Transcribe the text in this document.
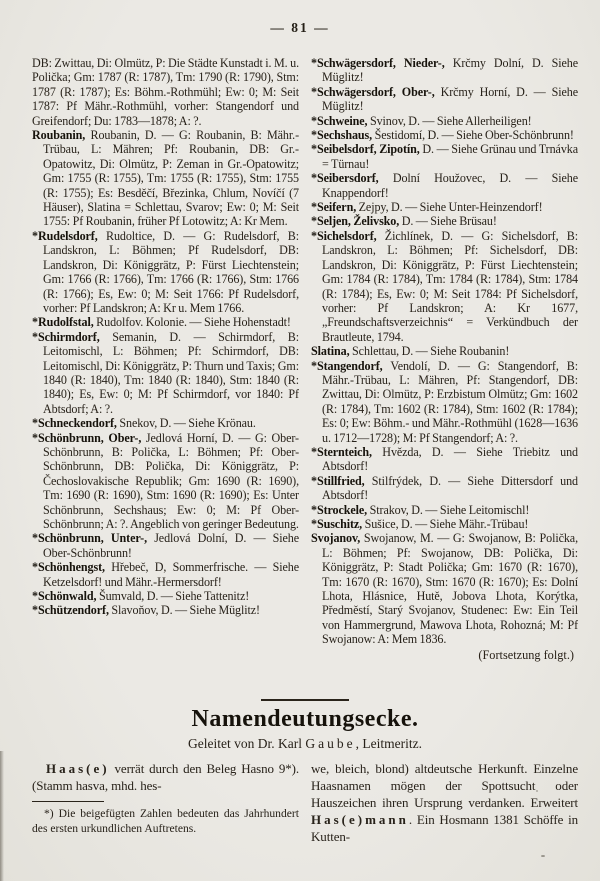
— 81 —

DB: Zwittau, Di: Olmütz, P: Die Städte Kunstadt i. M. u. Polička; Gm: 1787 (R: 1787), Tm: 1790 (R: 1790), Stm: 1787 (R: 1787); Es: Böhm.-Rothmühl; Ew: 0; M: Seit 1787: Pf Mähr.-Rothmühl, vorher: Stangendorf und Greifendorf; Du: 1783—1878; A: ?.

Roubanin, Roubanin, D. — G: Roubanin, B: Mähr.-Trübau, L: Mähren; Pf: Roubanin, DB: Gr.-Opatowitz, Di: Olmütz, P: Zeman in Gr.-Opatowitz; Gm: 1755 (R: 1755), Tm: 1755 (R: 1755), Stm: 1755 (R: 1755); Es: Besděčí, Březinka, Chlum, Novíčí (7 Häuser), Slatina = Schlettau, Svarov; Ew: 0; M: Seit 1755: Pf Roubanin, früher Pf Lotowitz; A: Kr Mem.

*Rudelsdorf, Rudoltice, D. — G: Rudelsdorf, B: Landskron, L: Böhmen; Pf Rudelsdorf, DB: Landskron, Di: Königgrätz, P: Fürst Liechtenstein; Gm: 1766 (R: 1766), Tm: 1766 (R: 1766), Stm: 1766 (R: 1766); Es, Ew: 0; M: Seit 1766: Pf Rudelsdorf, vorher: Pf Landskron; A: Kr u. Mem 1766.

*Rudolfstal, Rudolfov. Kolonie. — Siehe Hohenstadt!

*Schirmdorf, Semanin, D. — Schirmdorf, B: Leitomischl, L: Böhmen; Pf: Schirmdorf, DB: Leitomischl, Di: Königgrätz, P: Thurn und Taxis; Gm: 1840 (R: 1840), Tm: 1840 (R: 1840), Stm: 1840 (R: 1840); Es, Ew: 0; M: Pf Schirmdorf, vor 1840: Pf Abtsdorf; A: ?.

*Schneckendorf, Snekov, D. — Siehe Krönau.

*Schönbrunn, Ober-, Jedlová Horní, D. — G: Ober-Schönbrunn, B: Polička, L: Böhmen; Pf: Ober-Schönbrunn, DB: Polička, Di: Königgrätz, P: Čechoslovakische Republik; Gm: 1690 (R: 1690), Tm: 1690 (R: 1690), Stm: 1690 (R: 1690); Es: Unter Schönbrunn, Sechshaus; Ew: 0; M: Pf Ober-Schönbrunn; A: ?. Angeblich von geringer Bedeutung.

*Schönbrunn, Unter-, Jedlová Dolní, D. — Siehe Ober-Schönbrunn!

*Schönhengst, Hřebeč, D, Sommerfrische. — Siehe Ketzelsdorf! und Mähr.-Hermersdorf!

*Schönwald, Šumvald, D. — Siehe Tattenitz!

*Schützendorf, Slavoňov, D. — Siehe Müglitz!

*Schwägersdorf, Nieder-, Krčmy Dolní, D. Siehe Müglitz!

*Schwägersdorf, Ober-, Krčmy Horní, D. — Siehe Müglitz!

*Schweine, Svinov, D. — Siehe Allerheiligen!

*Sechshaus, Šestidomí, D. — Siehe Ober-Schönbrunn!

*Seibelsdorf, Zipotín, D. — Siehe Grünau und Trnávka = Türnau!

*Seibersdorf, Dolní Houžovec, D. — Siehe Knappendorf!

*Seifern, Zejpy, D. — Siehe Unter-Heinzendorf!

*Seljen, Želivsko, D. — Siehe Brüsau!

*Sichelsdorf, Žichlínek, D. — G: Sichelsdorf, B: Landskron, L: Böhmen; Pf: Sichelsdorf, DB: Landskron, Di: Königgrätz, P: Fürst Liechtenstein; Gm: 1784 (R: 1784), Tm: 1784 (R: 1784), Stm: 1784 (R: 1784); Es, Ew: 0; M: Seit 1784: Pf Sichelsdorf, vorher: Pf Landskron; A: Kr 1677, „Freundschaftsverzeichnis“ = Verkündbuch der Brautleute, 1794.

Slatina, Schlettau, D. — Siehe Roubanin!

*Stangendorf, Vendolí, D. — G: Stangendorf, B: Mähr.-Trübau, L: Mähren, Pf: Stangendorf, DB: Zwittau, Di: Olmütz, P: Erzbistum Olmütz; Gm: 1602 (R: 1784), Tm: 1602 (R: 1784), Stm: 1602 (R: 1784); Es: 0; Ew: Böhm.- und Mähr.-Rothmühl (1628—1636 u. 1712—1728); M: Pf Stangendorf; A: ?.

*Sternteich, Hvězda, D. — Siehe Triebitz und Abtsdorf!

*Stillfried, Stilfrýdek, D. — Siehe Dittersdorf und Abtsdorf!

*Strockele, Strakov, D. — Siehe Leitomischl!

*Suschitz, Sušice, D. — Siehe Mähr.-Trübau!

Svojanov, Swojanow, M. — G: Swojanow, B: Polička, L: Böhmen; Pf: Swojanow, DB: Polička, Di: Königgrätz, P: Stadt Polička; Gm: 1670 (R: 1670), Tm: 1670 (R: 1670), Stm: 1670 (R: 1670); Es: Dolní Lhota, Hlásnice, Hutě, Jobova Lhota, Korýtka, Předměstí, Starý Svojanov, Studenec: Ew: Ein Teil von Hammergrund, Mawova Lhota, Rohozná; M: Pf Swojanow: A: Mem 1836.

(Fortsetzung folgt.)

Namendeutungsecke.

Geleitet von Dr. Karl Gaube, Leitmeritz.

Haas(e) verrät durch den Beleg Hasno 9*). (Stamm hasva, mhd. hes-

*) Die beigefügten Zahlen bedeuten das Jahrhundert des ersten urkundlichen Auftretens.

we, bleich, blond) altdeutsche Herkunft. Einzelne Haasnamen mögen der Spottsucht oder Hauszeichen ihren Ursprung verdanken. Erweitert Has(e)mann. Ein Hosmann 1381 Schöffe in Kutten-
